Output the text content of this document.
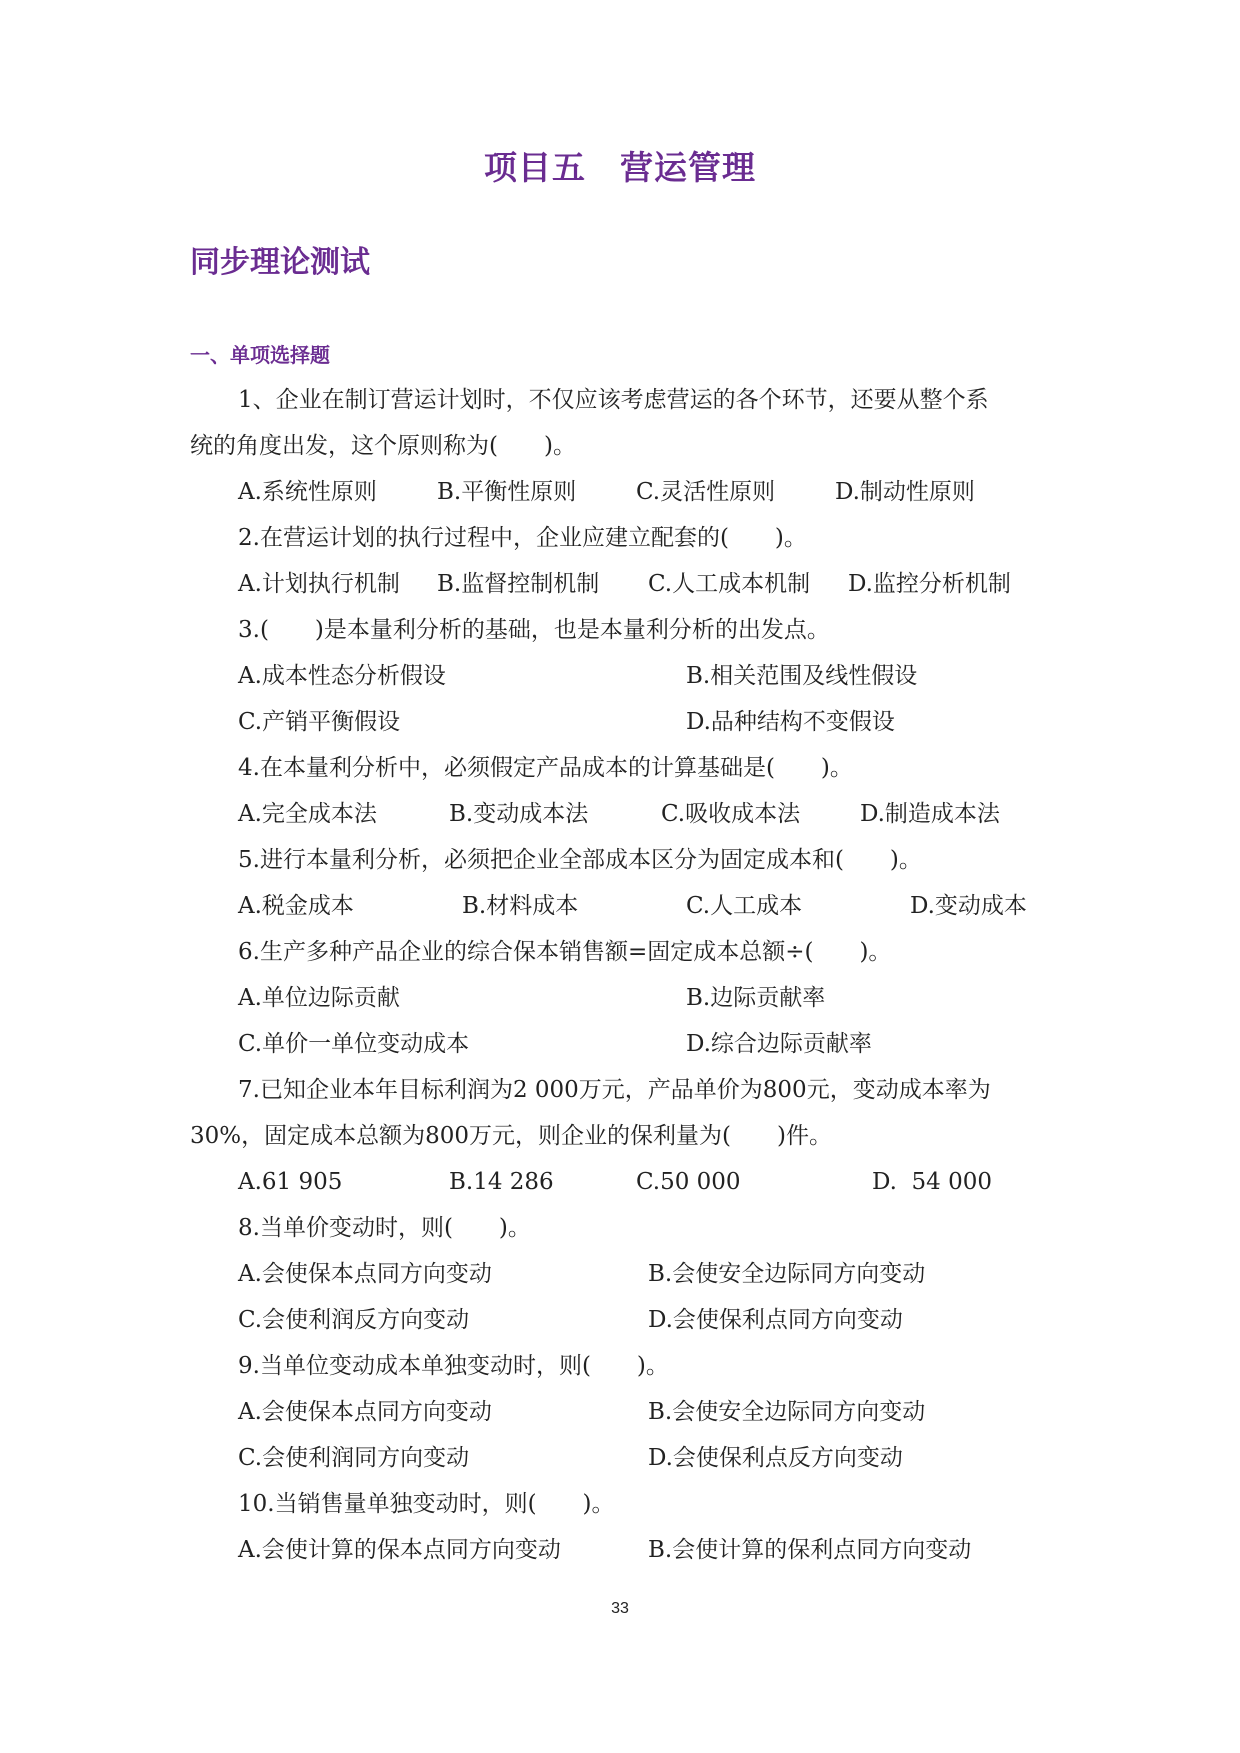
项目五　营运管理
同步理论测试
一、单项选择题
1、企业在制订营运计划时，不仅应该考虑营运的各个环节，还要从整个系
统的角度出发，这个原则称为(　　)。
A.系统性原则	B.平衡性原则	C.灵活性原则	D.制动性原则
2.在营运计划的执行过程中，企业应建立配套的(　　)。
A.计划执行机制 B.监督控制机制 C.人工成本机制 D.监控分析机制
3.(　　)是本量利分析的基础，也是本量利分析的出发点。
A.成本性态分析假设	B.相关范围及线性假设
C.产销平衡假设	D.品种结构不变假设
4.在本量利分析中，必须假定产品成本的计算基础是(　　)。
A.完全成本法	B.变动成本法	C.吸收成本法	D.制造成本法
5.进行本量利分析，必须把企业全部成本区分为固定成本和(　　)。
A.税金成本	B.材料成本	C.人工成本	D.变动成本
6.生产多种产品企业的综合保本销售额=固定成本总额÷(　　)。
A.单位边际贡献	B.边际贡献率
C.单价一单位变动成本	D.综合边际贡献率
7.已知企业本年目标利润为2 000万元，产品单价为800元，变动成本率为
30%，固定成本总额为800万元，则企业的保利量为(　　)件。
A.61 905	B.14 286	C.50 000	D.  54 000
8.当单价变动时，则(　　)。
A.会使保本点同方向变动	B.会使安全边际同方向变动
C.会使利润反方向变动	D.会使保利点同方向变动
9.当单位变动成本单独变动时，则(　　)。
A.会使保本点同方向变动	B.会使安全边际同方向变动
C.会使利润同方向变动	D.会使保利点反方向变动
10.当销售量单独变动时，则(　　)。
A.会使计算的保本点同方向变动	B.会使计算的保利点同方向变动
33
